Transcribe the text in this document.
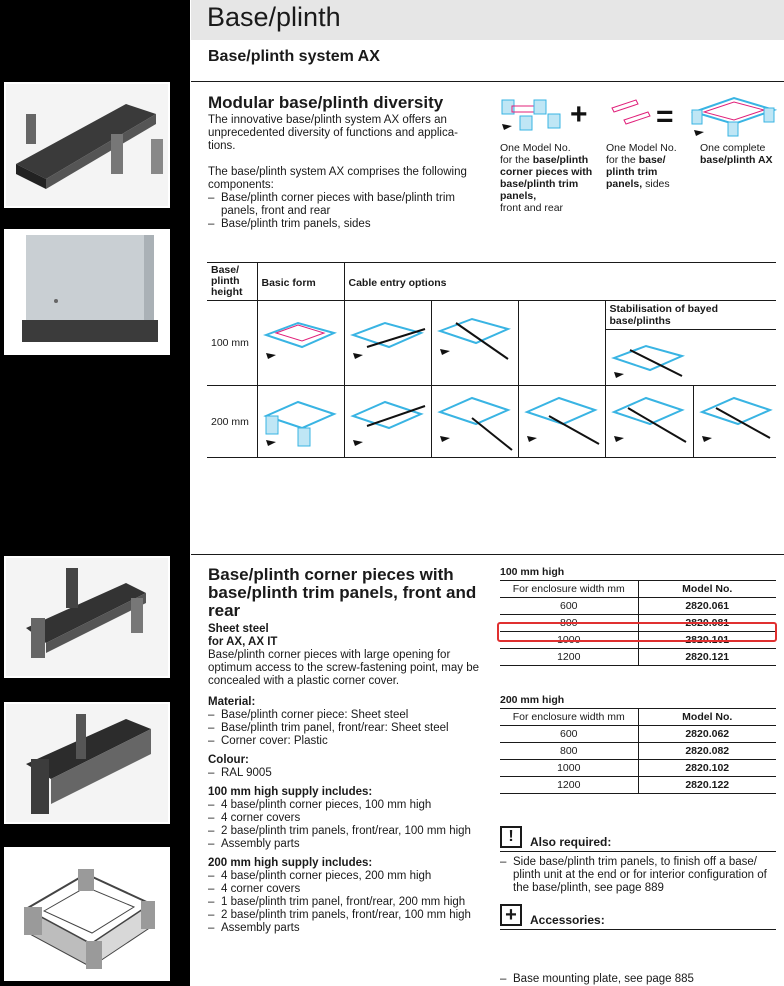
Base/plinth
Base/plinth system AX
Modular base/plinth diversity
The innovative base/plinth system AX offers an unprecedented diversity of functions and applica-tions.
The base/plinth system AX comprises the following components:
– Base/plinth corner pieces with base/plinth trim panels, front and rear
– Base/plinth trim panels, sides
+ =
One Model No.
for the base/plinth corner pieces with base/plinth trim panels,
front and rear
One Model No.
for the base/ plinth trim panels, sides
One complete
base/plinth AX
Base/ plinth height	Basic form	Cable entry options				
100 mm					Stabilisation of bayed base/plinths	

200 mm						
Base/plinth corner pieces with base/plinth trim panels, front and rear
Sheet steel
for AX, AX IT
Base/plinth corner pieces with large opening for optimum access to the screw-fastening point, may be concealed with a plastic corner cover.
Material:
– Base/plinth corner piece: Sheet steel
– Base/plinth trim panel, front/rear: Sheet steel
– Corner cover: Plastic
Colour:
– RAL 9005
100 mm high supply includes:
– 4 base/plinth corner pieces, 100 mm high
– 4 corner covers
– 2 base/plinth trim panels, front/rear, 100 mm high
– Assembly parts
200 mm high supply includes:
– 4 base/plinth corner pieces, 200 mm high
– 4 corner covers
– 1 base/plinth trim panel, front/rear, 200 mm high
– 2 base/plinth trim panels, front/rear, 100 mm high
– Assembly parts
100 mm high
For enclosure width mm	Model No.
600	2820.061
800	2820.081
1000	2820.101
1200	2820.121
200 mm high
For enclosure width mm	Model No.
600	2820.062
800	2820.082
1000	2820.102
1200	2820.122
!	Also required:
– Side base/plinth trim panels, to finish off a base/ plinth unit at the end or for interior configuration of the base/plinth, see page 889
+	Accessories:
– Base mounting plate, see page 885
